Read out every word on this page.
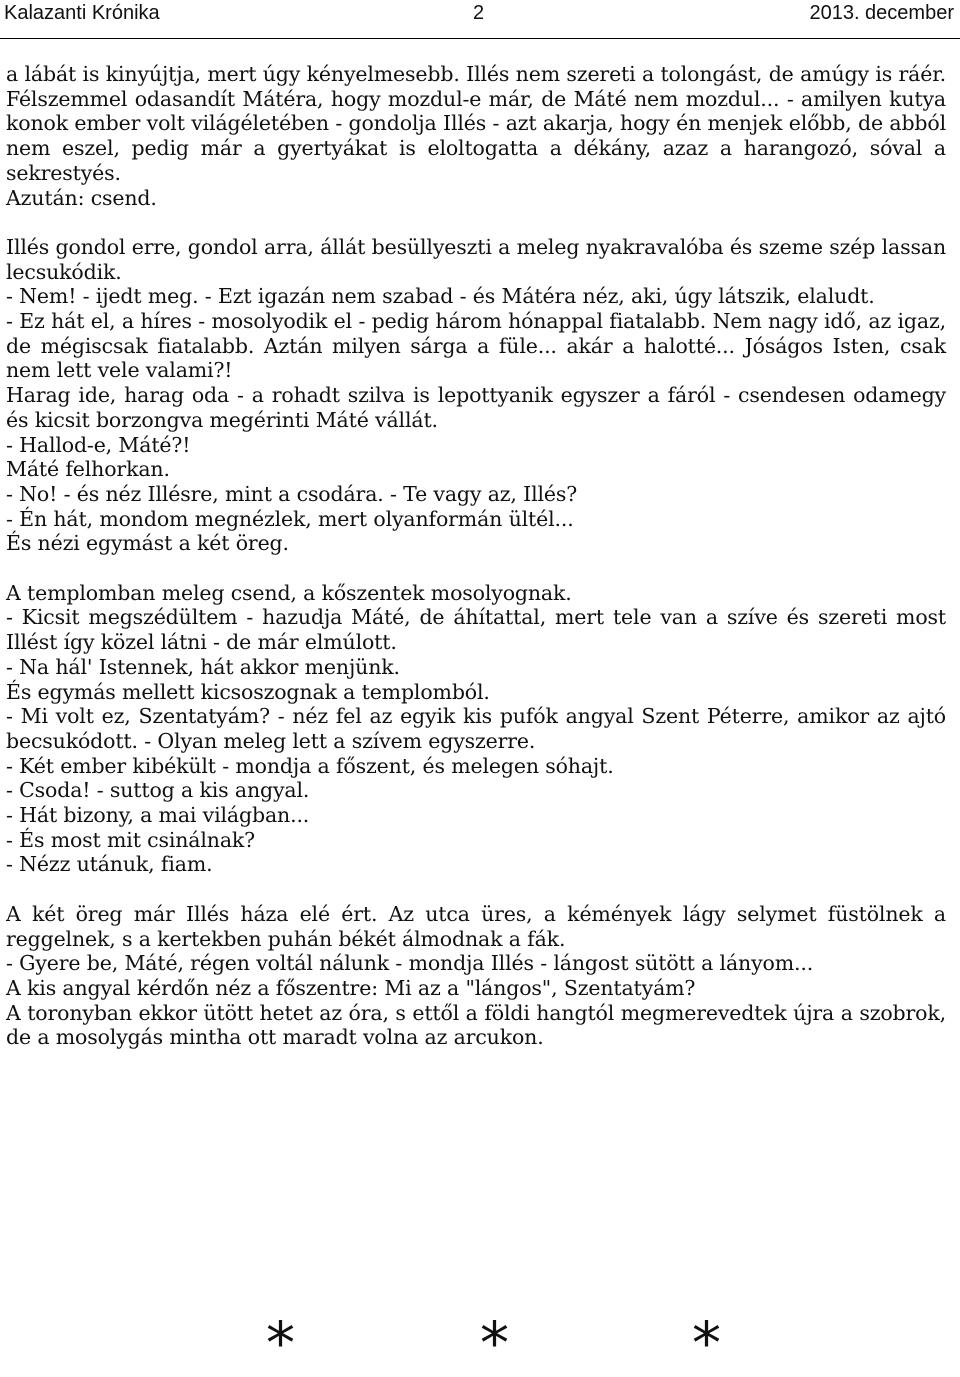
Kalazanti Krónika	2	2013. december

a lábát is kinyújtja, mert úgy kényelmesebb. Illés nem szereti a tolongást, de amúgy is ráér. Félszemmel odasandít Mátéra, hogy mozdul-e már, de Máté nem mozdul... - amilyen kutya konok ember volt világéletében - gondolja Illés - azt akarja, hogy én menjek előbb, de abból nem eszel, pedig már a gyertyákat is eloltogatta a dékány, azaz a harangozó, sóval a sekrestyés.

Azután: csend.

Illés gondol erre, gondol arra, állát besüllyeszti a meleg nyakravalóba és szeme szép lassan lecsukódik.

- Nem! - ijedt meg. - Ezt igazán nem szabad - és Mátéra néz, aki, úgy látszik, elaludt.

- Ez hát el, a híres - mosolyodik el - pedig három hónappal fiatalabb. Nem nagy idő, az igaz, de mégiscsak fiatalabb. Aztán milyen sárga a füle... akár a halotté... Jóságos Isten, csak nem lett vele valami?!

Harag ide, harag oda - a rohadt szilva is lepottyanik egyszer a fáról - csendesen odamegy és kicsit borzongva megérinti Máté vállát.

- Hallod-e, Máté?!

Máté felhorkan.

- No! - és néz Illésre, mint a csodára. - Te vagy az, Illés?

- Én hát, mondom megnézlek, mert olyanformán ültél...

És nézi egymást a két öreg.

A templomban meleg csend, a kőszentek mosolyognak.

- Kicsit megszédültem - hazudja Máté, de áhítattal, mert tele van a szíve és szereti most Illést így közel látni - de már elmúlott.

- Na hál' Istennek, hát akkor menjünk.

És egymás mellett kicsoszognak a templomból.

- Mi volt ez, Szentatyám? - néz fel az egyik kis pufók angyal Szent Péterre, amikor az ajtó becsukódott. - Olyan meleg lett a szívem egyszerre.

- Két ember kibékült - mondja a főszent, és melegen sóhajt.

- Csoda! - suttog a kis angyal.

- Hát bizony, a mai világban...

- És most mit csinálnak?

- Nézz utánuk, fiam.

A két öreg már Illés háza elé ért. Az utca üres, a kémények lágy selymet füstölnek a reggelnek, s a kertekben puhán békét álmodnak a fák.

- Gyere be, Máté, régen voltál nálunk - mondja Illés - lángost sütött a lányom...

A kis angyal kérdőn néz a főszentre: Mi az a "lángos", Szentatyám?

A toronyban ekkor ütött hetet az óra, s ettől a földi hangtól megmerevedtek újra a szobrok, de a mosolygás mintha ott maradt volna az arcukon.

*	*	*
